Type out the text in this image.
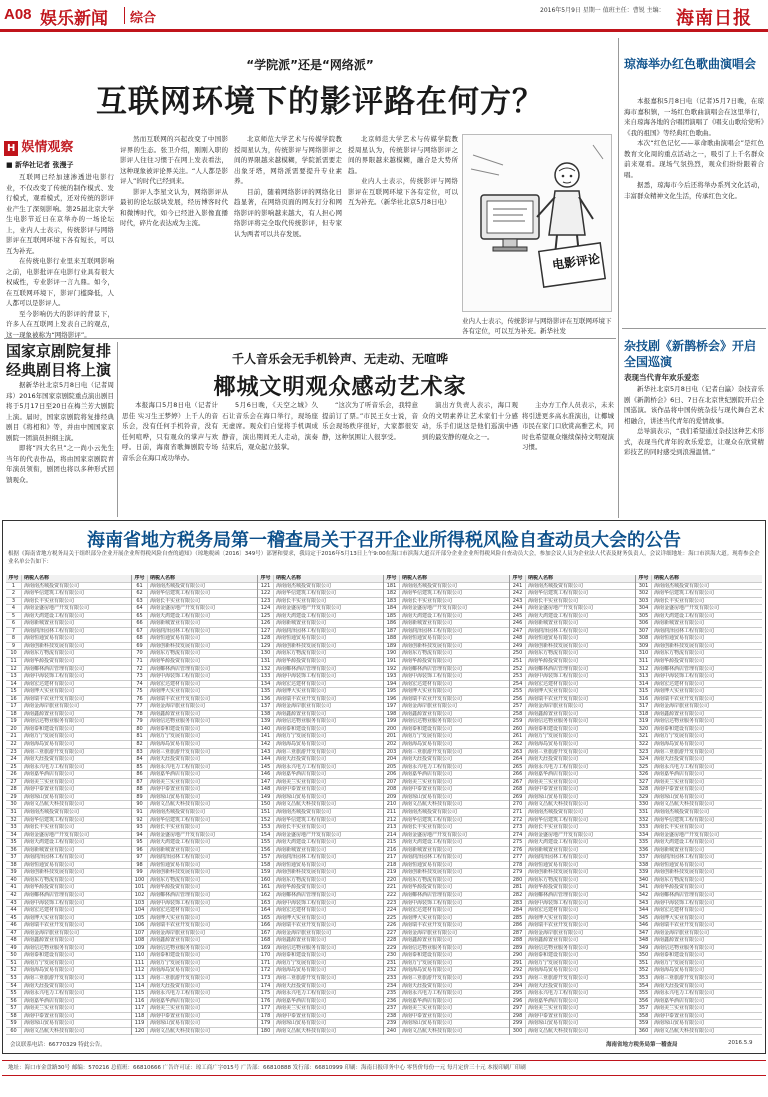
A08 娱乐新闻 综合
2016年5月9日 星期一 值班主任：曹锐 主编： 海南日报
“学院派”还是“网络派”
互联网环境下的影评路在何方？
H 娱情观察
■ 新华社记者 张漫子

互联网已经加速渗透进电影行业，不仅改变了传统的制作模式、发行模式，观看模式，还对传统的影评业产生了深刻影响。第25届北京大学生电影节近日在京举办的一场论坛上，业内人士表示，传统影评与网络影评在互联网环境下各有短长，可以互为补充。

在传统电影行业里来互联网影响之前，电影批评在电影行业具有很大权威性，专业影评一言九鼎。如今，在互联网环境下，影评门槛降低，人人都可以是影评人。

至今影响仍大的影评的背景下，许多人在互联网上发表自己的观点，这一现象被称为“网络影评”。

然而互联网的兴起改变了中国影评界的生态。张卫介绍，刚刚入职的影评人往往习惯于在网上发表看法，这种现象被评论界关注。“人人都是影评人”的时代已经到来。

影评人李星文认为，网络影评从最初的论坛版块发展，经历博客时代和微博时代，如今已经进入影像直播时代，碎片化表达成为主流。

北京师范大学艺术与传媒学院教授周星认为，传统影评与网络影评之间的界限越来越模糊，学院派需要走出象牙塔，网络派需要提升专业素养。

目前，随着网络影评的网络化日趋显著，在网络页面的网友打分和网络影评的影响越来越大，有人担心网络影评将完全取代传统影评，但专家认为两者可以共存发展。

北京师范大学艺术与传媒学院教授周星认为，传统影评与网络影评之间的界限越来越模糊，融合是大势所趋。

业内人士表示，传统影评与网络影评在互联网环境下各有定位，可以互为补充。（新华社北京5月8日电）

电影评论
业内人士表示，传统影评与网络影评在互联网环境下各有定位，可以互为补充。新华社发
国家京剧院复排经典剧目将上演

据新华社北京5月8日电（记者周玮）2016年国家京剧院重点演出剧目将于5月17日至20日在梅兰芳大剧院上演。届时，国家京剧院将复排经典剧目《将相和》等，并由中国国家京剧院一团演员担纲主演。

即将“四大名旦”之一尚小云先生当年的代表作品，将由国家京剧院青年演员领衔，剧团也将以多种形式回馈观众。

千人音乐会无手机铃声、无走动、无喧哗
椰城文明观众感动艺术家

本报海口5月8日电（记者计思佳 实习生王梦婷）上千人的音乐会，没有任何手机铃音，没有任何喧哗，只有观众的掌声与欢呼。日前，海南省歌舞剧院专场音乐会在海口成功举办。

5月6日晚，《天空之城》久石让音乐会在海口举行，现场座无虚席。观众们自觉将手机调成静音，演出期间无人走动，演奏结束后，观众起立鼓掌。

“这次为了听音乐会，我特意提前订了票。”市民王女士说，音乐会现场秩序很好，大家都很安静，这种氛围让人很享受。

演出方负责人表示，海口观众的文明素养让艺术家们十分感动，乐手们说这是他们巡演中遇到的最安静的观众之一。

主办方工作人员表示，未来将引进更多高水准演出，让椰城市民在家门口欣赏高雅艺术，同时也希望观众继续保持文明观演习惯。

琼海举办红色歌曲演唱会

本报嘉积5月8日电（记者)5月7日晚，在琼海市嘉积镇，一场红色歌曲演唱会在这里举行，来自琼海各地的合唱团演唱了《唱支山歌给党听》《我的祖国》等经典红色歌曲。

本次“红色记忆——革命歌曲演唱会”是红色教育文化周的重点活动之一，吸引了上千名群众前来观看。现场气氛热烈，观众们纷纷跟着合唱。

据悉，琼海市今后还将举办系列文化活动，丰富群众精神文化生活，传承红色文化。

杂技剧《新鹊桥会》开启全国巡演
表现当代青年欢乐爱恋

新华社北京5月8日电（记者白瀛）杂技音乐剧《新鹊桥会》6日、7日在北京世纪剧院开启全国巡演。该作品将中国传统杂技与现代舞台艺术相融合，讲述当代青年的爱情故事。

总导演表示，“我们希望通过杂技这种艺术形式，表现当代青年的欢乐爱恋，让观众在欣赏精彩技艺的同时感受到浪漫温情。”

海南省地方税务局第一稽查局关于召开企业所得税风险自查动员大会的公告
根据《海南省地方税务局关于组织部分企业开展企业所得税风险自查的通知》（琼地税函〔2016〕349号）部署和要求，我局定于2016年5月13日上午9:00在海口市滨海大道召开部分企业企业所得税风险自查动员大会，参加会议人员为企业法人代表及财务负责人，会议详细地址：海口市滨海大道。现将参会企业名单公告如下：
序号	纳税人名称
1	海南南杰城投资有限公司
2	海南华信建筑工程有限公司
3	海南长丰实业有限公司
4	海南金盛房地产开发有限公司
5	海南天鸿建设工程有限公司
6	海南新城置业有限公司
7	海南润泽园林工程有限公司
8	海南恒通贸易有限公司
9	海南创新科技发展有限公司
10	海南东方物流有限公司
11	海南华源投资有限公司
12	海南椰林酒店管理有限公司
13	海南中海装饰工程有限公司
14	海南宏达建材有限公司
15	海南博大实业有限公司
16	海南瑞丰农业开发有限公司
17	海南金海岸旅业有限公司
18	海南鑫源置业有限公司
19	海南信达物业服务有限公司
20	海南泰和建设有限公司
21	海南万宁发展有限公司
22	海南海岛贸易有限公司
23	海南三亚旅游开发有限公司
24	海南天涯投资有限公司
25	海南永兴电力工程有限公司
26	海南嘉华酒店有限公司
27	海南美兰实业有限公司
28	海南中泰置业有限公司
29	海南琼山贸易有限公司
30	海南文昌航天科技有限公司
31	海南南杰城投资有限公司
32	海南华信建筑工程有限公司
33	海南长丰实业有限公司
34	海南金盛房地产开发有限公司
35	海南天鸿建设工程有限公司
36	海南新城置业有限公司
37	海南润泽园林工程有限公司
38	海南恒通贸易有限公司
39	海南创新科技发展有限公司
40	海南东方物流有限公司
41	海南华源投资有限公司
42	海南椰林酒店管理有限公司
43	海南中海装饰工程有限公司
44	海南宏达建材有限公司
45	海南博大实业有限公司
46	海南瑞丰农业开发有限公司
47	海南金海岸旅业有限公司
48	海南鑫源置业有限公司
49	海南信达物业服务有限公司
50	海南泰和建设有限公司
51	海南万宁发展有限公司
52	海南海岛贸易有限公司
53	海南三亚旅游开发有限公司
54	海南天涯投资有限公司
55	海南永兴电力工程有限公司
56	海南嘉华酒店有限公司
57	海南美兰实业有限公司
58	海南中泰置业有限公司
59	海南琼山贸易有限公司
60	海南文昌航天科技有限公司
序号	纳税人名称
61	海南南杰城投资有限公司
62	海南华信建筑工程有限公司
63	海南长丰实业有限公司
64	海南金盛房地产开发有限公司
65	海南天鸿建设工程有限公司
66	海南新城置业有限公司
67	海南润泽园林工程有限公司
68	海南恒通贸易有限公司
69	海南创新科技发展有限公司
70	海南东方物流有限公司
71	海南华源投资有限公司
72	海南椰林酒店管理有限公司
73	海南中海装饰工程有限公司
74	海南宏达建材有限公司
75	海南博大实业有限公司
76	海南瑞丰农业开发有限公司
77	海南金海岸旅业有限公司
78	海南鑫源置业有限公司
79	海南信达物业服务有限公司
80	海南泰和建设有限公司
81	海南万宁发展有限公司
82	海南海岛贸易有限公司
83	海南三亚旅游开发有限公司
84	海南天涯投资有限公司
85	海南永兴电力工程有限公司
86	海南嘉华酒店有限公司
87	海南美兰实业有限公司
88	海南中泰置业有限公司
89	海南琼山贸易有限公司
90	海南文昌航天科技有限公司
91	海南南杰城投资有限公司
92	海南华信建筑工程有限公司
93	海南长丰实业有限公司
94	海南金盛房地产开发有限公司
95	海南天鸿建设工程有限公司
96	海南新城置业有限公司
97	海南润泽园林工程有限公司
98	海南恒通贸易有限公司
99	海南创新科技发展有限公司
100	海南东方物流有限公司
101	海南华源投资有限公司
102	海南椰林酒店管理有限公司
103	海南中海装饰工程有限公司
104	海南宏达建材有限公司
105	海南博大实业有限公司
106	海南瑞丰农业开发有限公司
107	海南金海岸旅业有限公司
108	海南鑫源置业有限公司
109	海南信达物业服务有限公司
110	海南泰和建设有限公司
111	海南万宁发展有限公司
112	海南海岛贸易有限公司
113	海南三亚旅游开发有限公司
114	海南天涯投资有限公司
115	海南永兴电力工程有限公司
116	海南嘉华酒店有限公司
117	海南美兰实业有限公司
118	海南中泰置业有限公司
119	海南琼山贸易有限公司
120	海南文昌航天科技有限公司
序号	纳税人名称
121	海南南杰城投资有限公司
122	海南华信建筑工程有限公司
123	海南长丰实业有限公司
124	海南金盛房地产开发有限公司
125	海南天鸿建设工程有限公司
126	海南新城置业有限公司
127	海南润泽园林工程有限公司
128	海南恒通贸易有限公司
129	海南创新科技发展有限公司
130	海南东方物流有限公司
131	海南华源投资有限公司
132	海南椰林酒店管理有限公司
133	海南中海装饰工程有限公司
134	海南宏达建材有限公司
135	海南博大实业有限公司
136	海南瑞丰农业开发有限公司
137	海南金海岸旅业有限公司
138	海南鑫源置业有限公司
139	海南信达物业服务有限公司
140	海南泰和建设有限公司
141	海南万宁发展有限公司
142	海南海岛贸易有限公司
143	海南三亚旅游开发有限公司
144	海南天涯投资有限公司
145	海南永兴电力工程有限公司
146	海南嘉华酒店有限公司
147	海南美兰实业有限公司
148	海南中泰置业有限公司
149	海南琼山贸易有限公司
150	海南文昌航天科技有限公司
151	海南南杰城投资有限公司
152	海南华信建筑工程有限公司
153	海南长丰实业有限公司
154	海南金盛房地产开发有限公司
155	海南天鸿建设工程有限公司
156	海南新城置业有限公司
157	海南润泽园林工程有限公司
158	海南恒通贸易有限公司
159	海南创新科技发展有限公司
160	海南东方物流有限公司
161	海南华源投资有限公司
162	海南椰林酒店管理有限公司
163	海南中海装饰工程有限公司
164	海南宏达建材有限公司
165	海南博大实业有限公司
166	海南瑞丰农业开发有限公司
167	海南金海岸旅业有限公司
168	海南鑫源置业有限公司
169	海南信达物业服务有限公司
170	海南泰和建设有限公司
171	海南万宁发展有限公司
172	海南海岛贸易有限公司
173	海南三亚旅游开发有限公司
174	海南天涯投资有限公司
175	海南永兴电力工程有限公司
176	海南嘉华酒店有限公司
177	海南美兰实业有限公司
178	海南中泰置业有限公司
179	海南琼山贸易有限公司
180	海南文昌航天科技有限公司
序号	纳税人名称
181	海南南杰城投资有限公司
182	海南华信建筑工程有限公司
183	海南长丰实业有限公司
184	海南金盛房地产开发有限公司
185	海南天鸿建设工程有限公司
186	海南新城置业有限公司
187	海南润泽园林工程有限公司
188	海南恒通贸易有限公司
189	海南创新科技发展有限公司
190	海南东方物流有限公司
191	海南华源投资有限公司
192	海南椰林酒店管理有限公司
193	海南中海装饰工程有限公司
194	海南宏达建材有限公司
195	海南博大实业有限公司
196	海南瑞丰农业开发有限公司
197	海南金海岸旅业有限公司
198	海南鑫源置业有限公司
199	海南信达物业服务有限公司
200	海南泰和建设有限公司
201	海南万宁发展有限公司
202	海南海岛贸易有限公司
203	海南三亚旅游开发有限公司
204	海南天涯投资有限公司
205	海南永兴电力工程有限公司
206	海南嘉华酒店有限公司
207	海南美兰实业有限公司
208	海南中泰置业有限公司
209	海南琼山贸易有限公司
210	海南文昌航天科技有限公司
211	海南南杰城投资有限公司
212	海南华信建筑工程有限公司
213	海南长丰实业有限公司
214	海南金盛房地产开发有限公司
215	海南天鸿建设工程有限公司
216	海南新城置业有限公司
217	海南润泽园林工程有限公司
218	海南恒通贸易有限公司
219	海南创新科技发展有限公司
220	海南东方物流有限公司
221	海南华源投资有限公司
222	海南椰林酒店管理有限公司
223	海南中海装饰工程有限公司
224	海南宏达建材有限公司
225	海南博大实业有限公司
226	海南瑞丰农业开发有限公司
227	海南金海岸旅业有限公司
228	海南鑫源置业有限公司
229	海南信达物业服务有限公司
230	海南泰和建设有限公司
231	海南万宁发展有限公司
232	海南海岛贸易有限公司
233	海南三亚旅游开发有限公司
234	海南天涯投资有限公司
235	海南永兴电力工程有限公司
236	海南嘉华酒店有限公司
237	海南美兰实业有限公司
238	海南中泰置业有限公司
239	海南琼山贸易有限公司
240	海南文昌航天科技有限公司
序号	纳税人名称
241	海南南杰城投资有限公司
242	海南华信建筑工程有限公司
243	海南长丰实业有限公司
244	海南金盛房地产开发有限公司
245	海南天鸿建设工程有限公司
246	海南新城置业有限公司
247	海南润泽园林工程有限公司
248	海南恒通贸易有限公司
249	海南创新科技发展有限公司
250	海南东方物流有限公司
251	海南华源投资有限公司
252	海南椰林酒店管理有限公司
253	海南中海装饰工程有限公司
254	海南宏达建材有限公司
255	海南博大实业有限公司
256	海南瑞丰农业开发有限公司
257	海南金海岸旅业有限公司
258	海南鑫源置业有限公司
259	海南信达物业服务有限公司
260	海南泰和建设有限公司
261	海南万宁发展有限公司
262	海南海岛贸易有限公司
263	海南三亚旅游开发有限公司
264	海南天涯投资有限公司
265	海南永兴电力工程有限公司
266	海南嘉华酒店有限公司
267	海南美兰实业有限公司
268	海南中泰置业有限公司
269	海南琼山贸易有限公司
270	海南文昌航天科技有限公司
271	海南南杰城投资有限公司
272	海南华信建筑工程有限公司
273	海南长丰实业有限公司
274	海南金盛房地产开发有限公司
275	海南天鸿建设工程有限公司
276	海南新城置业有限公司
277	海南润泽园林工程有限公司
278	海南恒通贸易有限公司
279	海南创新科技发展有限公司
280	海南东方物流有限公司
281	海南华源投资有限公司
282	海南椰林酒店管理有限公司
283	海南中海装饰工程有限公司
284	海南宏达建材有限公司
285	海南博大实业有限公司
286	海南瑞丰农业开发有限公司
287	海南金海岸旅业有限公司
288	海南鑫源置业有限公司
289	海南信达物业服务有限公司
290	海南泰和建设有限公司
291	海南万宁发展有限公司
292	海南海岛贸易有限公司
293	海南三亚旅游开发有限公司
294	海南天涯投资有限公司
295	海南永兴电力工程有限公司
296	海南嘉华酒店有限公司
297	海南美兰实业有限公司
298	海南中泰置业有限公司
299	海南琼山贸易有限公司
300	海南文昌航天科技有限公司
序号	纳税人名称
301	海南南杰城投资有限公司
302	海南华信建筑工程有限公司
303	海南长丰实业有限公司
304	海南金盛房地产开发有限公司
305	海南天鸿建设工程有限公司
306	海南新城置业有限公司
307	海南润泽园林工程有限公司
308	海南恒通贸易有限公司
309	海南创新科技发展有限公司
310	海南东方物流有限公司
311	海南华源投资有限公司
312	海南椰林酒店管理有限公司
313	海南中海装饰工程有限公司
314	海南宏达建材有限公司
315	海南博大实业有限公司
316	海南瑞丰农业开发有限公司
317	海南金海岸旅业有限公司
318	海南鑫源置业有限公司
319	海南信达物业服务有限公司
320	海南泰和建设有限公司
321	海南万宁发展有限公司
322	海南海岛贸易有限公司
323	海南三亚旅游开发有限公司
324	海南天涯投资有限公司
325	海南永兴电力工程有限公司
326	海南嘉华酒店有限公司
327	海南美兰实业有限公司
328	海南中泰置业有限公司
329	海南琼山贸易有限公司
330	海南文昌航天科技有限公司
331	海南南杰城投资有限公司
332	海南华信建筑工程有限公司
333	海南长丰实业有限公司
334	海南金盛房地产开发有限公司
335	海南天鸿建设工程有限公司
336	海南新城置业有限公司
337	海南润泽园林工程有限公司
338	海南恒通贸易有限公司
339	海南创新科技发展有限公司
340	海南东方物流有限公司
341	海南华源投资有限公司
342	海南椰林酒店管理有限公司
343	海南中海装饰工程有限公司
344	海南宏达建材有限公司
345	海南博大实业有限公司
346	海南瑞丰农业开发有限公司
347	海南金海岸旅业有限公司
348	海南鑫源置业有限公司
349	海南信达物业服务有限公司
350	海南泰和建设有限公司
351	海南万宁发展有限公司
352	海南海岛贸易有限公司
353	海南三亚旅游开发有限公司
354	海南天涯投资有限公司
355	海南永兴电力工程有限公司
356	海南嘉华酒店有限公司
357	海南美兰实业有限公司
358	海南中泰置业有限公司
359	海南琼山贸易有限公司
360	海南文昌航天科技有限公司
会议联系电话：66770329 特此公告。	海南省地方税务局第一稽查局	2016.5.9
地址：海口市金盘路30号 邮编：570216 总值班：66810666 广告许可证：琼工商广字015号 广告部：66810888 发行部：66810999 印刷：海南日报印务中心 零售价每份一元 每月定价三十元 本报印刷厂印刷
